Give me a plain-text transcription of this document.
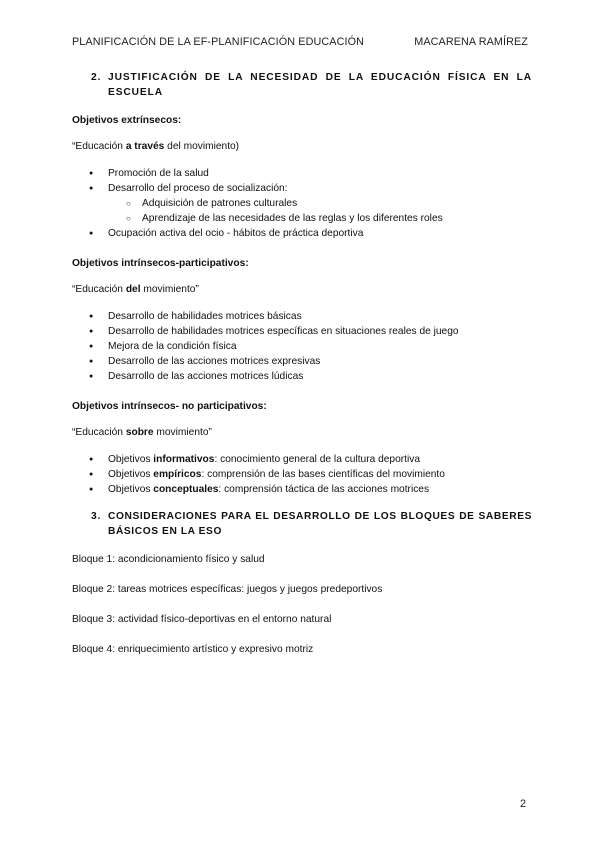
PLANIFICACIÓN DE LA EF-PLANIFICACIÓN EDUCACIÓN	MACARENA RAMÍREZ
2. JUSTIFICACIÓN DE LA NECESIDAD DE LA EDUCACIÓN FÍSICA EN LA ESCUELA

Objetivos extrínsecos:

“Educación a través del movimiento)

● Promoción de la salud
● Desarrollo del proceso de socialización:
○ Adquisición de patrones culturales
○ Aprendizaje de las necesidades de las reglas y los diferentes roles
● Ocupación activa del ocio - hábitos de práctica deportiva

Objetivos intrínsecos-participativos:

“Educación del movimiento”

● Desarrollo de habilidades motrices básicas
● Desarrollo de habilidades motrices específicas en situaciones reales de juego
● Mejora de la condición física
● Desarrollo de las acciones motrices expresivas
● Desarrollo de las acciones motrices lúdicas

Objetivos intrínsecos- no participativos:

“Educación sobre movimiento”

● Objetivos informativos: conocimiento general de la cultura deportiva
● Objetivos empíricos: comprensión de las bases científicas del movimiento
● Objetivos conceptuales: comprensión táctica de las acciones motrices
3. CONSIDERACIONES PARA EL DESARROLLO DE LOS BLOQUES DE SABERES BÁSICOS EN LA ESO

Bloque 1: acondicionamiento físico y salud

Bloque 2: tareas motrices específicas: juegos y juegos predeportivos

Bloque 3: actividad físico-deportivas en el entorno natural

Bloque 4: enriquecimiento artístico y expresivo motriz

2
